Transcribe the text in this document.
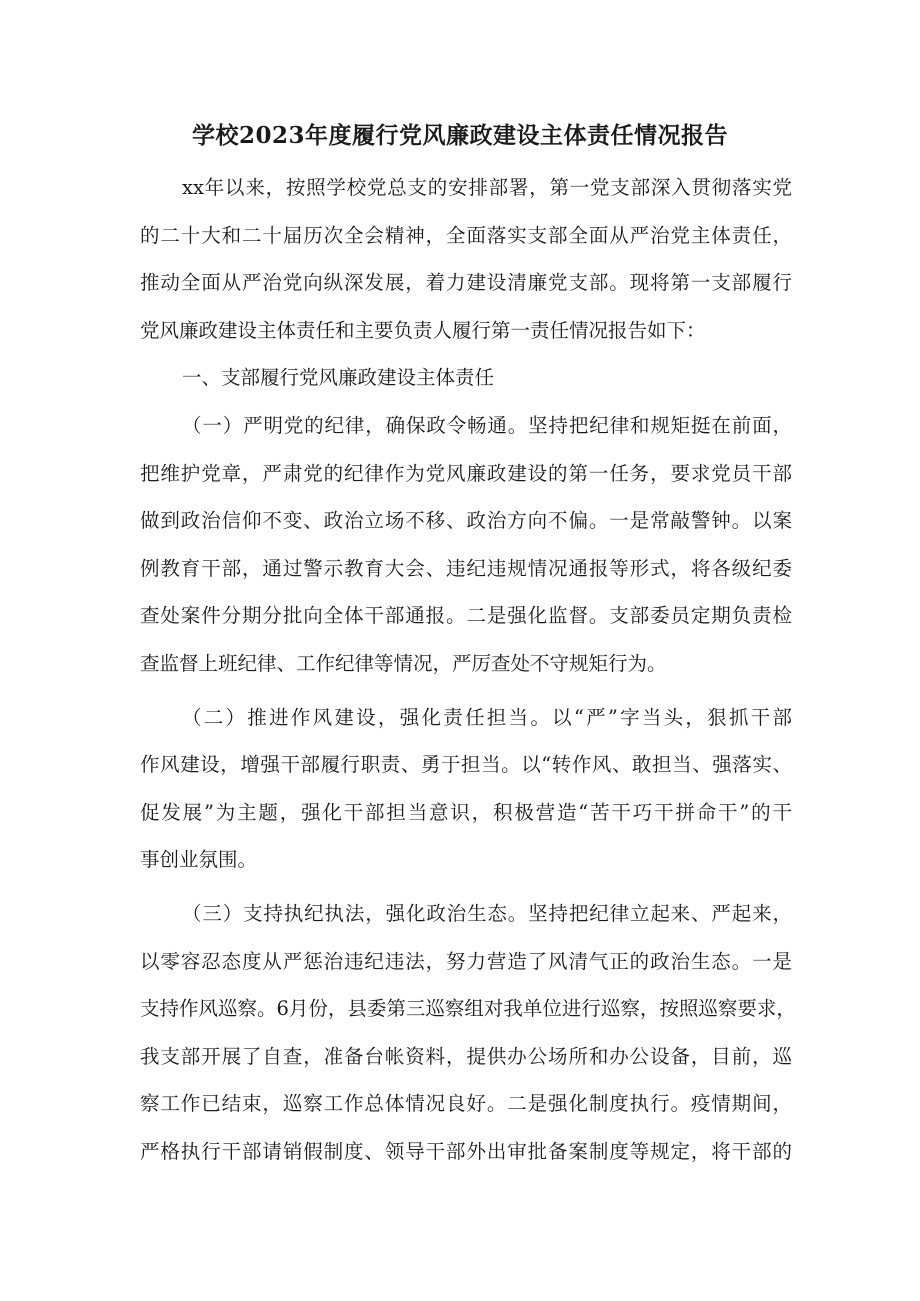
学校2023年度履行党风廉政建设主体责任情况报告
xx年以来，按照学校党总支的安排部署，第一党支部深入贯彻落实党
的二十大和二十届历次全会精神，全面落实支部全面从严治党主体责任，
推动全面从严治党向纵深发展，着力建设清廉党支部。现将第一支部履行
党风廉政建设主体责任和主要负责人履行第一责任情况报告如下：
一、支部履行党风廉政建设主体责任
（一）严明党的纪律，确保政令畅通。坚持把纪律和规矩挺在前面，
把维护党章，严肃党的纪律作为党风廉政建设的第一任务，要求党员干部
做到政治信仰不变、政治立场不移、政治方向不偏。一是常敲警钟。以案
例教育干部，通过警示教育大会、违纪违规情况通报等形式，将各级纪委
查处案件分期分批向全体干部通报。二是强化监督。支部委员定期负责检
查监督上班纪律、工作纪律等情况，严厉查处不守规矩行为。
（二）推进作风建设，强化责任担当。以“严”字当头，狠抓干部
作风建设，增强干部履行职责、勇于担当。以“转作风、敢担当、强落实、
促发展”为主题，强化干部担当意识，积极营造“苦干巧干拼命干”的干
事创业氛围。
（三）支持执纪执法，强化政治生态。坚持把纪律立起来、严起来，
以零容忍态度从严惩治违纪违法，努力营造了风清气正的政治生态。一是
支持作风巡察。6月份，县委第三巡察组对我单位进行巡察，按照巡察要求，
我支部开展了自查，准备台帐资料，提供办公场所和办公设备，目前，巡
察工作已结束，巡察工作总体情况良好。二是强化制度执行。疫情期间，
严格执行干部请销假制度、领导干部外出审批备案制度等规定，将干部的
